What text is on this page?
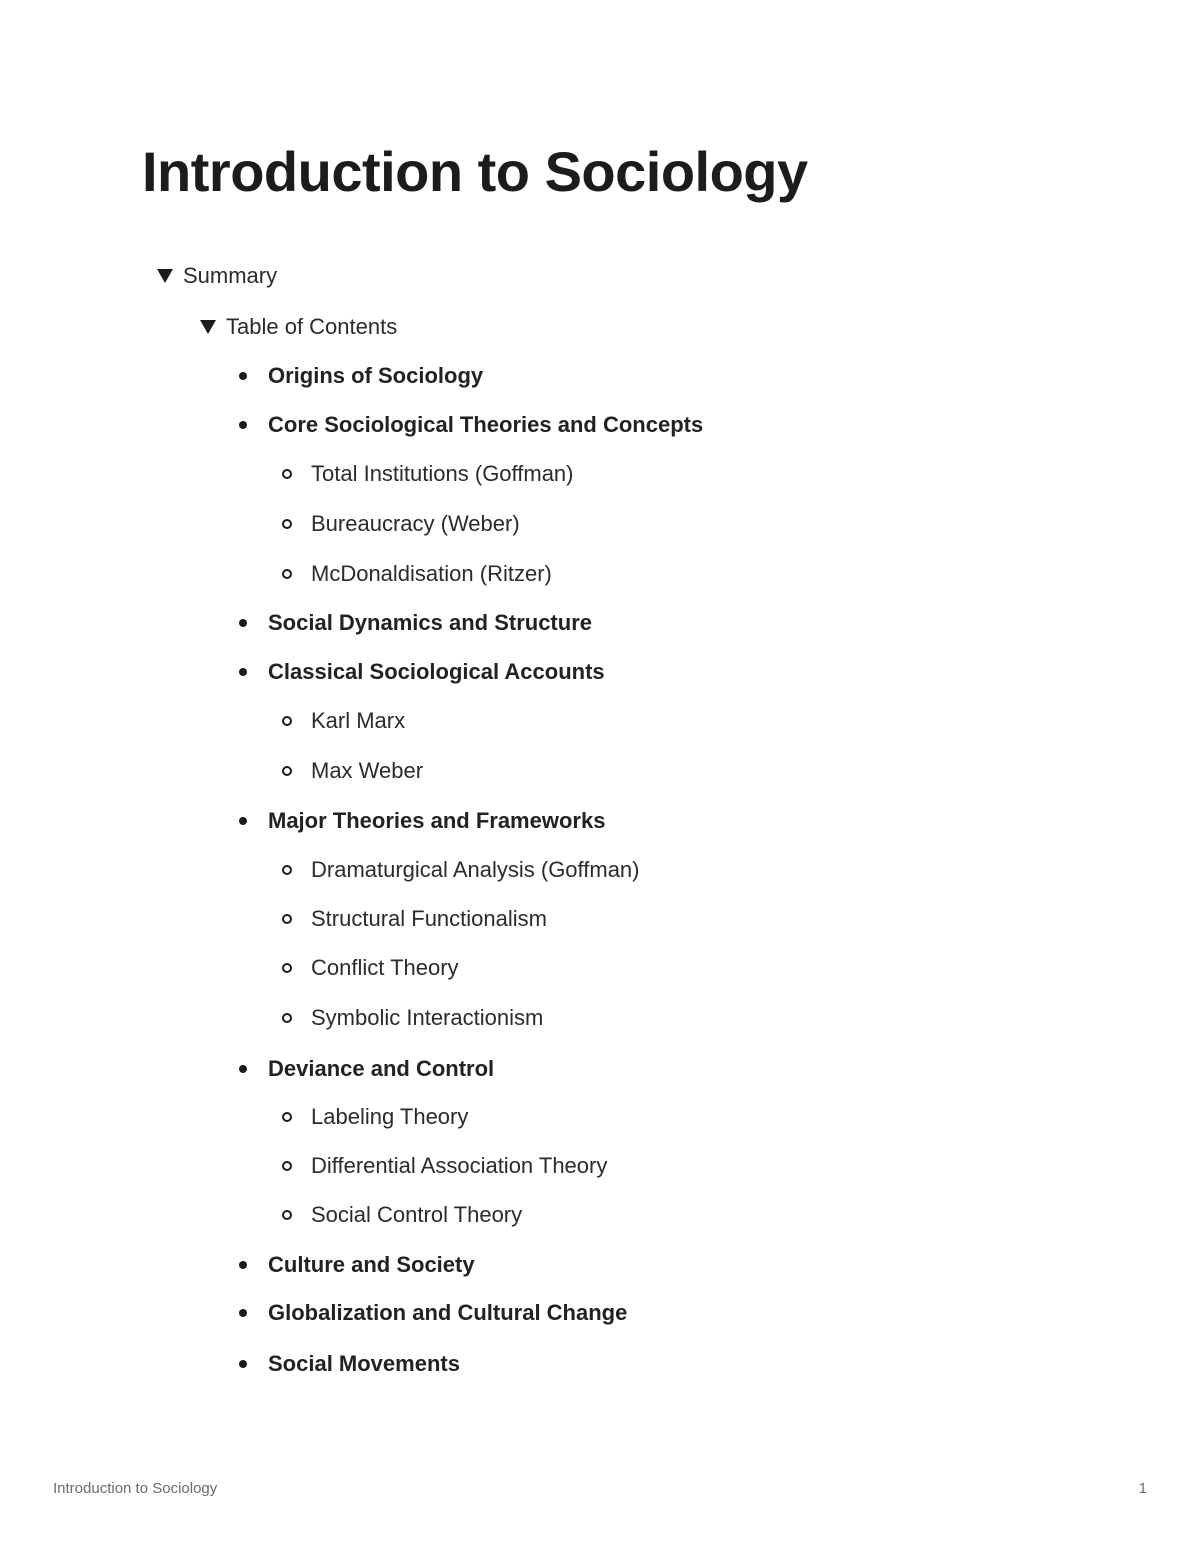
Introduction to Sociology
Summary
Table of Contents
Origins of Sociology
Core Sociological Theories and Concepts
Total Institutions (Goffman)
Bureaucracy (Weber)
McDonaldisation (Ritzer)
Social Dynamics and Structure
Classical Sociological Accounts
Karl Marx
Max Weber
Major Theories and Frameworks
Dramaturgical Analysis (Goffman)
Structural Functionalism
Conflict Theory
Symbolic Interactionism
Deviance and Control
Labeling Theory
Differential Association Theory
Social Control Theory
Culture and Society
Globalization and Cultural Change
Social Movements
Introduction to Sociology	1
